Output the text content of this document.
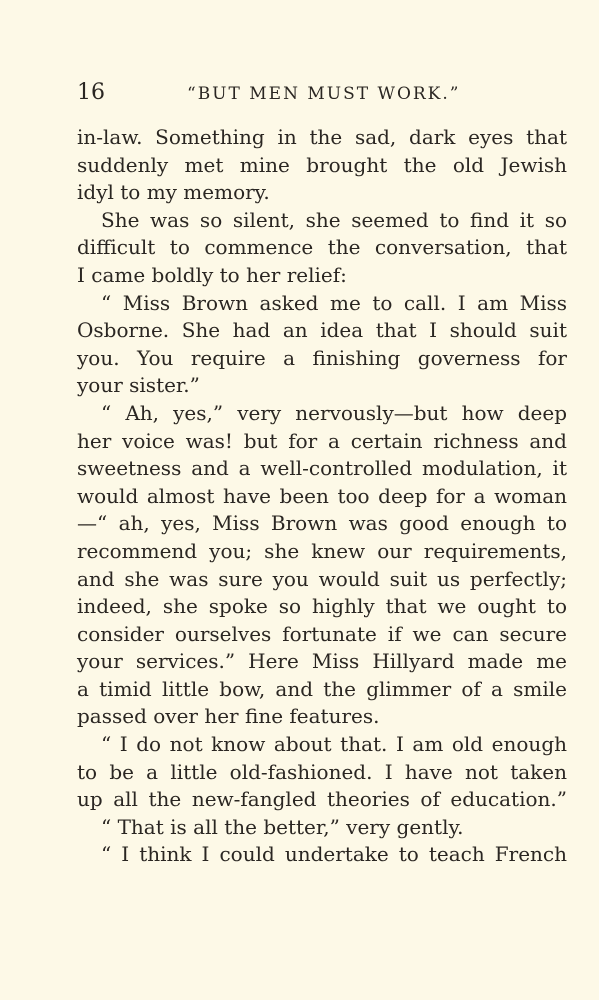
16	“BUT MEN MUST WORK.”
in-law. Something in the sad, dark eyes that
suddenly met mine brought the old Jewish
idyl to my memory.
She was so silent, she seemed to find it so
difficult to commence the conversation, that
I came boldly to her relief:
“ Miss Brown asked me to call. I am Miss
Osborne. She had an idea that I should suit
you. You require a finishing governess for
your sister.”
“ Ah, yes,” very nervously—but how deep
her voice was! but for a certain richness and
sweetness and a well-controlled modulation, it
would almost have been too deep for a woman
—“ ah, yes, Miss Brown was good enough to
recommend you; she knew our requirements,
and she was sure you would suit us perfectly;
indeed, she spoke so highly that we ought to
consider ourselves fortunate if we can secure
your services.” Here Miss Hillyard made me
a timid little bow, and the glimmer of a smile
passed over her fine features.
“ I do not know about that. I am old enough
to be a little old-fashioned. I have not taken
up all the new-fangled theories of education.”
“ That is all the better,” very gently.
“ I think I could undertake to teach French
